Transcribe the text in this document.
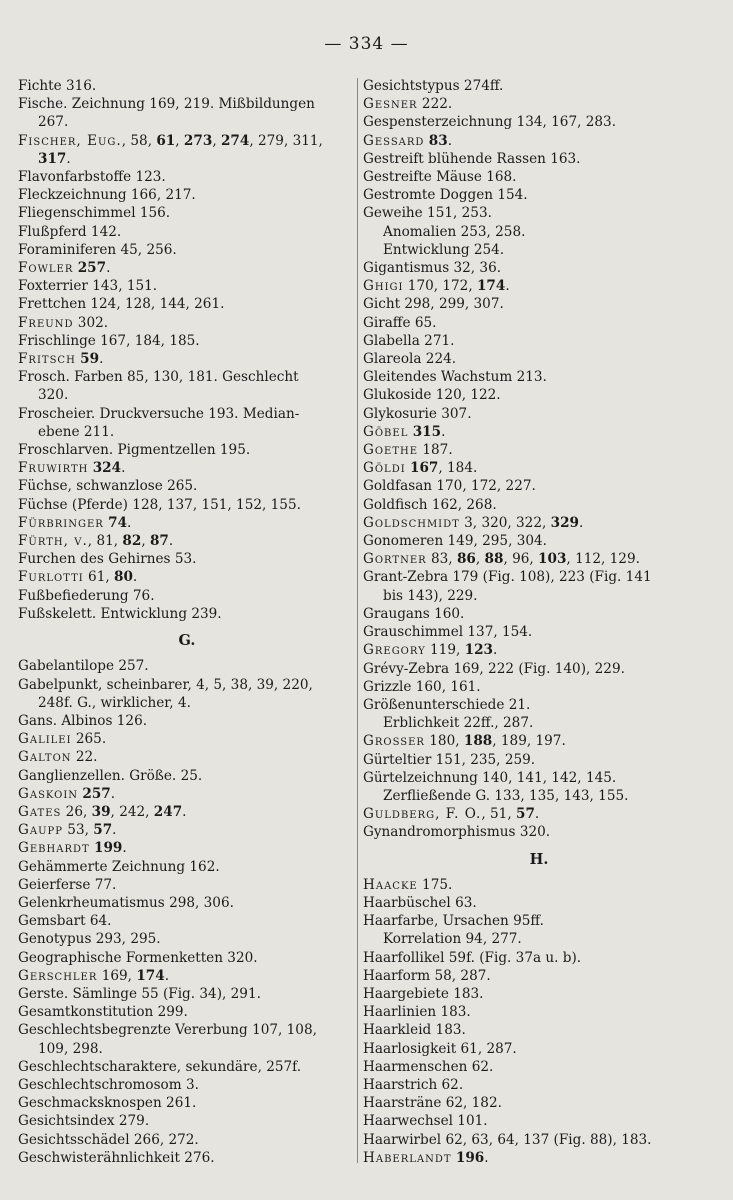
— 334 —
Fichte 316.
Fische. Zeichnung 169, 219. Mißbildungen
267.
Fischer, Eug., 58, 61, 273, 274, 279, 311,
317.
Flavonfarbstoffe 123.
Fleckzeichnung 166, 217.
Fliegenschimmel 156.
Flußpferd 142.
Foraminiferen 45, 256.
Fowler 257.
Foxterrier 143, 151.
Frettchen 124, 128, 144, 261.
Freund 302.
Frischlinge 167, 184, 185.
Fritsch 59.
Frosch. Farben 85, 130, 181. Geschlecht
320.
Froscheier. Druckversuche 193. Median-
ebene 211.
Froschlarven. Pigmentzellen 195.
Fruwirth 324.
Füchse, schwanzlose 265.
Füchse (Pferde) 128, 137, 151, 152, 155.
Fürbringer 74.
Fürth, v., 81, 82, 87.
Furchen des Gehirnes 53.
Furlotti 61, 80.
Fußbefiederung 76.
Fußskelett. Entwicklung 239.
G.
Gabelantilope 257.
Gabelpunkt, scheinbarer, 4, 5, 38, 39, 220,
248f. G., wirklicher, 4.
Gans. Albinos 126.
Galilei 265.
Galton 22.
Ganglienzellen. Größe. 25.
Gaskoin 257.
Gates 26, 39, 242, 247.
Gaupp 53, 57.
Gebhardt 199.
Gehämmerte Zeichnung 162.
Geierferse 77.
Gelenkrheumatismus 298, 306.
Gemsbart 64.
Genotypus 293, 295.
Geographische Formenketten 320.
Gerschler 169, 174.
Gerste. Sämlinge 55 (Fig. 34), 291.
Gesamtkonstitution 299.
Geschlechtsbegrenzte Vererbung 107, 108,
109, 298.
Geschlechtscharaktere, sekundäre, 257f.
Geschlechtschromosom 3.
Geschmacksknospen 261.
Gesichtsindex 279.
Gesichtsschädel 266, 272.
Geschwisterähnlichkeit 276.
Gesichtstypus 274ff.
Gesner 222.
Gespensterzeichnung 134, 167, 283.
Gessard 83.
Gestreift blühende Rassen 163.
Gestreifte Mäuse 168.
Gestromte Doggen 154.
Geweihe 151, 253.
Anomalien 253, 258.
Entwicklung 254.
Gigantismus 32, 36.
Ghigi 170, 172, 174.
Gicht 298, 299, 307.
Giraffe 65.
Glabella 271.
Glareola 224.
Gleitendes Wachstum 213.
Glukoside 120, 122.
Glykosurie 307.
Göbel 315.
Goethe 187.
Göldi 167, 184.
Goldfasan 170, 172, 227.
Goldfisch 162, 268.
Goldschmidt 3, 320, 322, 329.
Gonomeren 149, 295, 304.
Gortner 83, 86, 88, 96, 103, 112, 129.
Grant-Zebra 179 (Fig. 108), 223 (Fig. 141
bis 143), 229.
Graugans 160.
Grauschimmel 137, 154.
Gregory 119, 123.
Grévy-Zebra 169, 222 (Fig. 140), 229.
Grizzle 160, 161.
Größenunterschiede 21.
Erblichkeit 22ff., 287.
Grosser 180, 188, 189, 197.
Gürteltier 151, 235, 259.
Gürtelzeichnung 140, 141, 142, 145.
Zerfließende G. 133, 135, 143, 155.
Guldberg, F. O., 51, 57.
Gynandromorphismus 320.
H.
Haacke 175.
Haarbüschel 63.
Haarfarbe, Ursachen 95ff.
Korrelation 94, 277.
Haarfollikel 59f. (Fig. 37a u. b).
Haarform 58, 287.
Haargebiete 183.
Haarlinien 183.
Haarkleid 183.
Haarlosigkeit 61, 287.
Haarmenschen 62.
Haarstrich 62.
Haarsträne 62, 182.
Haarwechsel 101.
Haarwirbel 62, 63, 64, 137 (Fig. 88), 183.
Haberlandt 196.
